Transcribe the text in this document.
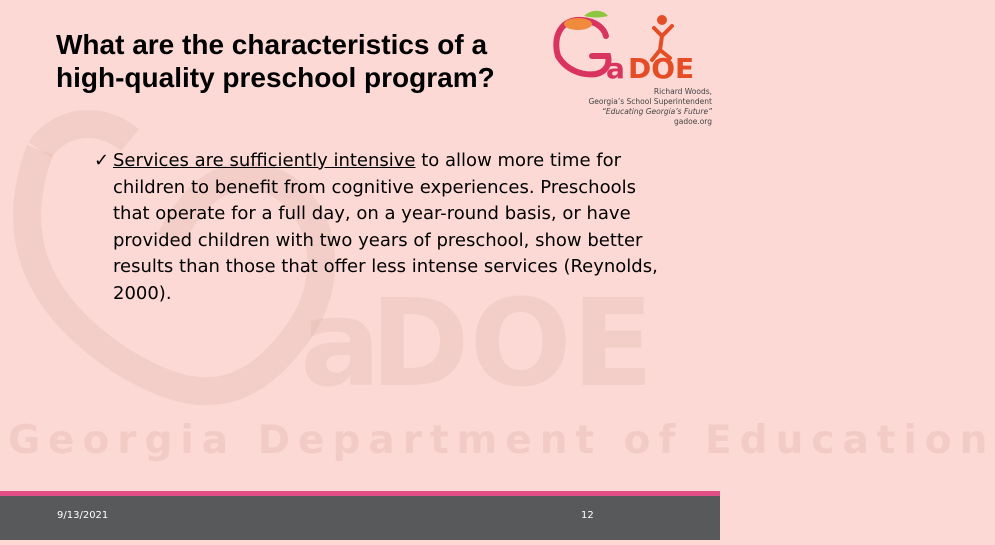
a
DOE
Georgia Department of Education
What are the characteristics of a high-quality preschool program?	a DOE
Richard Woods,
Georgia’s School Superintendent
“Educating Georgia’s Future”
gadoe.org
✓ Services are sufficiently intensive to allow more time for children to benefit from cognitive experiences. Preschools that operate for a full day, on a year-round basis, or have provided children with two years of preschool, show better results than those that offer less intense services (Reynolds, 2000).
9/13/2021	12
